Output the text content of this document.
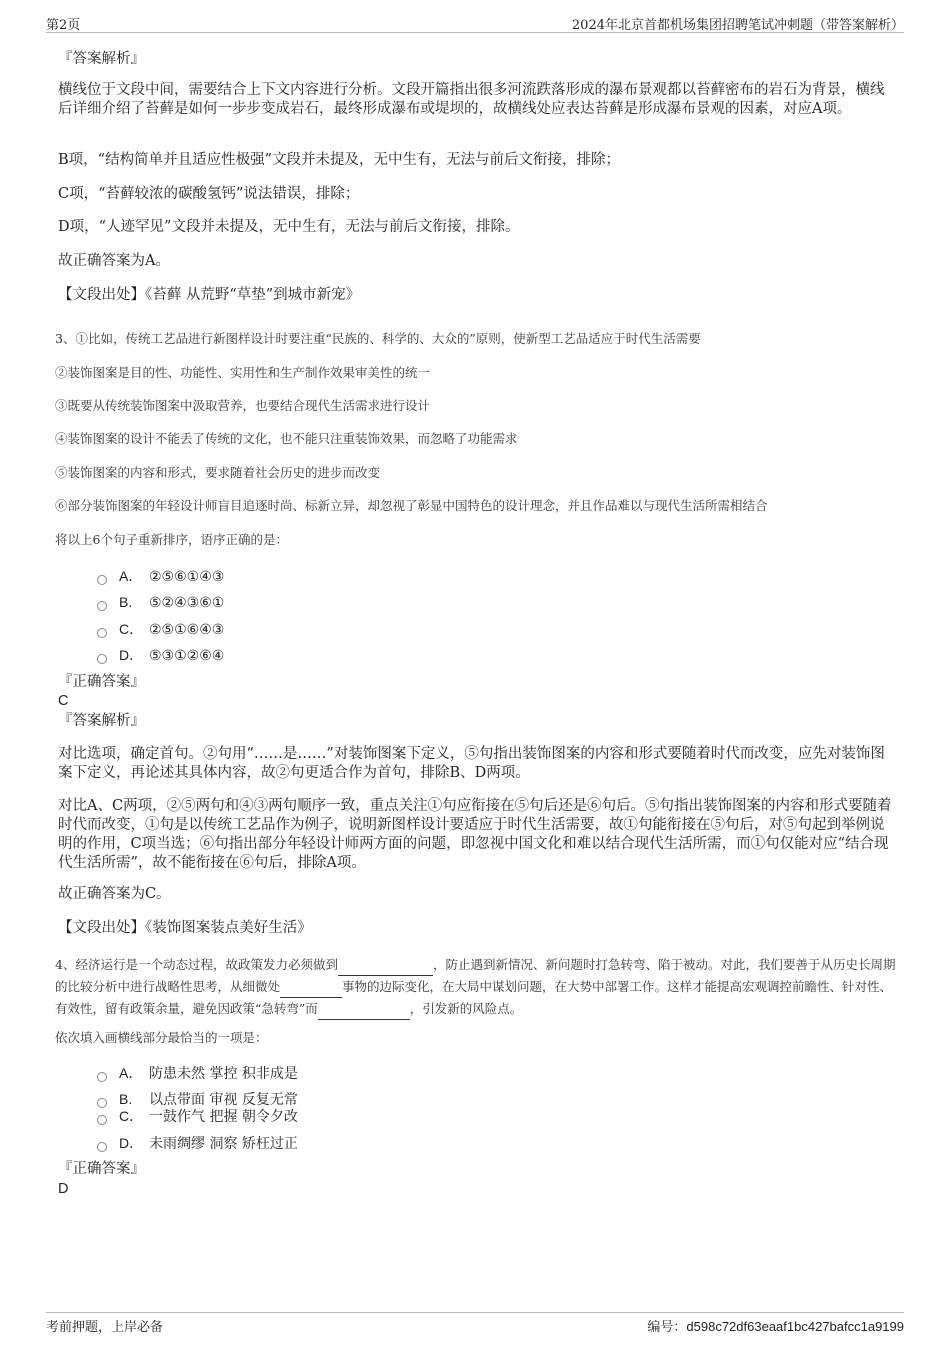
第2页	2024年北京首都机场集团招聘笔试冲刺题（带答案解析）
『答案解析』
横线位于文段中间，需要结合上下文内容进行分析。文段开篇指出很多河流跌落形成的瀑布景观都以苔藓密布的岩石为背景，横线后详细介绍了苔藓是如何一步步变成岩石，最终形成瀑布或堤坝的，故横线处应表达苔藓是形成瀑布景观的因素，对应A项。
B项，“结构简单并且适应性极强”文段并未提及，无中生有，无法与前后文衔接，排除；
C项，“苔藓较浓的碳酸氢钙”说法错误，排除；
D项，“人迹罕见”文段并未提及，无中生有，无法与前后文衔接，排除。
故正确答案为A。
【文段出处】《苔藓 从荒野“草垫”到城市新宠》
3、①比如，传统工艺品进行新图样设计时要注重“民族的、科学的、大众的”原则，使新型工艺品适应于时代生活需要
②装饰图案是目的性、功能性、实用性和生产制作效果审美性的统一
③既要从传统装饰图案中汲取营养，也要结合现代生活需求进行设计
④装饰图案的设计不能丢了传统的文化，也不能只注重装饰效果，而忽略了功能需求
⑤装饰图案的内容和形式，要求随着社会历史的进步而改变
⑥部分装饰图案的年轻设计师盲目追逐时尚、标新立异，却忽视了彰显中国特色的设计理念，并且作品难以与现代生活所需相结合
将以上6个句子重新排序，语序正确的是：
A． ②⑤⑥①④③
B. ⑤②④③⑥①
C． ②⑤①⑥④③
D． ⑤③①②⑥④
『正确答案』
C
『答案解析』
对比选项，确定首句。②句用“……是……”对装饰图案下定义，⑤句指出装饰图案的内容和形式要随着时代而改变，应先对装饰图案下定义，再论述其具体内容，故②句更适合作为首句，排除B、D两项。
对比A、C两项，②⑤两句和④③两句顺序一致，重点关注①句应衔接在⑤句后还是⑥句后。⑤句指出装饰图案的内容和形式要随着时代而改变，①句是以传统工艺品作为例子，说明新图样设计要适应于时代生活需要，故①句能衔接在⑤句后，对⑤句起到举例说明的作用，C项当选；⑥句指出部分年轻设计师两方面的问题，即忽视中国文化和难以结合现代生活所需，而①句仅能对应“结合现代生活所需”，故不能衔接在⑥句后，排除A项。
故正确答案为C。
【文段出处】《装饰图案装点美好生活》
4、经济运行是一个动态过程，故政策发力必须做到	，防止遇到新情况、新问题时打急转弯、陷于被动。对此，我们要善于从历史长周期的比较分析中进行战略性思考，从细微处	事物的边际变化，在大局中谋划问题，在大势中部署工作。这样才能提高宏观调控前瞻性、针对性、有效性，留有政策余量，避免因政策“急转弯”而	，引发新的风险点。
依次填入画横线部分最恰当的一项是：
A． 防患未然 掌控 积非成是
B. 以点带面 审视 反复无常
C． 一鼓作气 把握 朝令夕改
D． 未雨绸缪 洞察 矫枉过正
『正确答案』
D
考前押题，上岸必备	编号：d598c72df63eaaf1bc427bafcc1a9199
